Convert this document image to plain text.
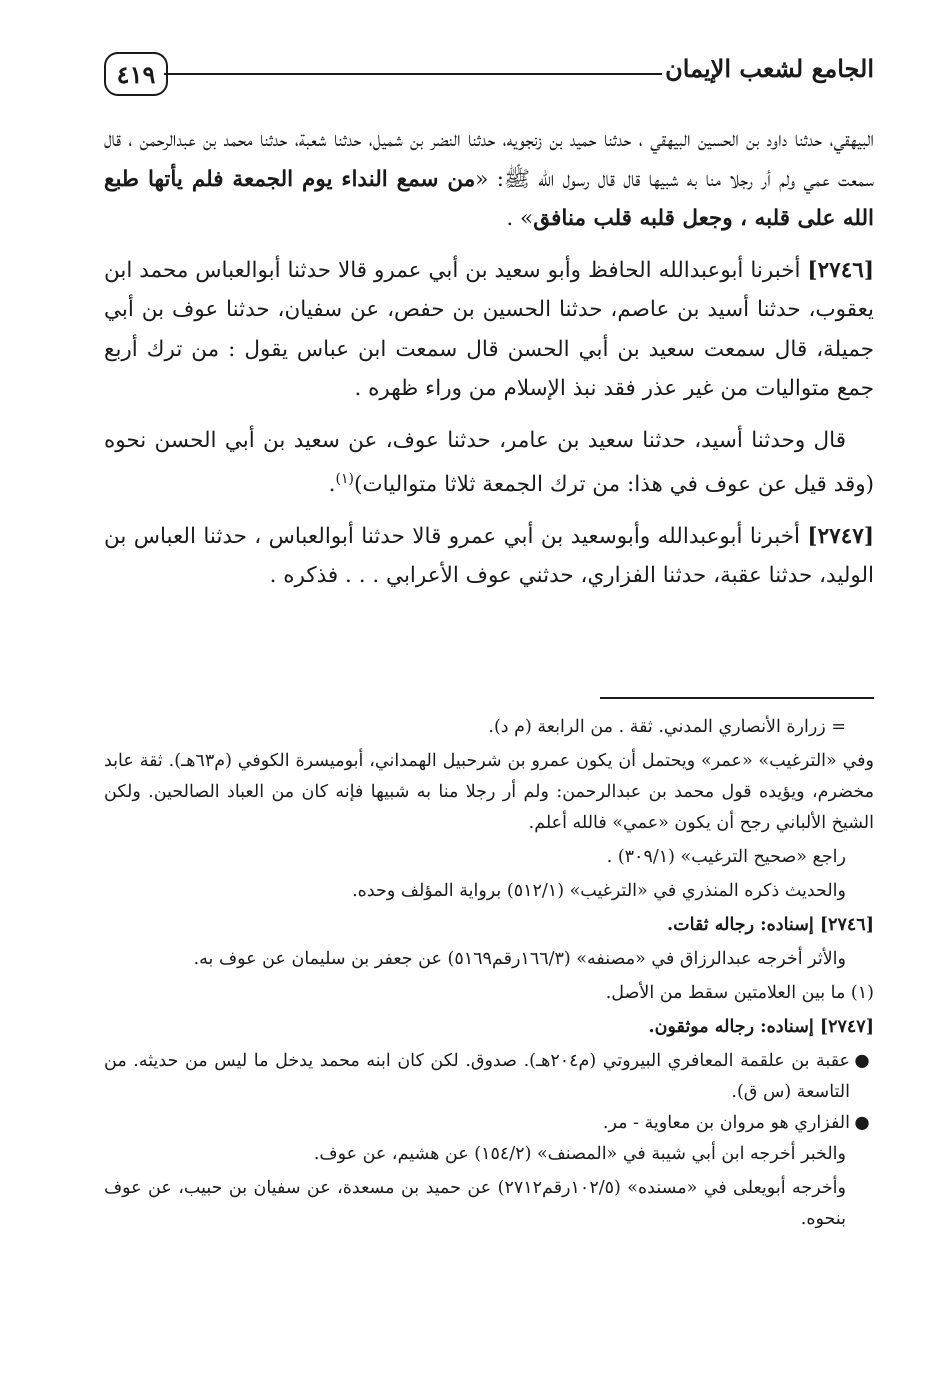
٤١٩	الجامع لشعب الإيمان

البيهقي، حدثنا داود بن الحسين البيهقي ، حدثنا حميد بن زنجويه، حدثنا النضر بن شميل، حدثنا شعبة، حدثنا محمد بن عبدالرحمن ، قال سمعت عمي ولم أر رجلا منا به شبيها قال قال رسول الله ﷺ: «من سمع النداء يوم الجمعة فلم يأتها طبع الله على قلبه ، وجعل قلبه قلب منافق» .

[٢٧٤٦] أخبرنا أبوعبدالله الحافظ وأبو سعيد بن أبي عمرو قالا حدثنا أبوالعباس محمد ابن يعقوب، حدثنا أسيد بن عاصم، حدثنا الحسين بن حفص، عن سفيان، حدثنا عوف بن أبي جميلة، قال سمعت سعيد بن أبي الحسن قال سمعت ابن عباس يقول : من ترك أربع جمع متواليات من غير عذر فقد نبذ الإسلام من وراء ظهره .

قال وحدثنا أسيد، حدثنا سعيد بن عامر، حدثنا عوف، عن سعيد بن أبي الحسن نحوه (وقد قيل عن عوف في هذا: من ترك الجمعة ثلاثا متواليات)$^{(١)}$.

[٢٧٤٧] أخبرنا أبوعبدالله وأبوسعيد بن أبي عمرو قالا حدثنا أبوالعباس ، حدثنا العباس بن الوليد، حدثنا عقبة، حدثنا الفزاري، حدثني عوف الأعرابي . . . فذكره .

= زرارة الأنصاري المدني. ثقة . من الرابعة (م د).

وفي «الترغيب» «عمر» ويحتمل أن يكون عمرو بن شرحبيل الهمداني، أبوميسرة الكوفي (م٦٣هـ). ثقة عابد مخضرم، ويؤيده قول محمد بن عبدالرحمن: ولم أر رجلا منا به شبيها فإنه كان من العباد الصالحين. ولكن الشيخ الألباني رجح أن يكون «عمي» فالله أعلم.

راجع «صحيح الترغيب» (٣٠٩/١) .

والحديث ذكره المنذري في «الترغيب» (٥١٢/١) برواية المؤلف وحده.

[٢٧٤٦] إسناده: رجاله ثقات.

والأثر أخرجه عبدالرزاق في «مصنفه» (١٦٦/٣رقم٥١٦٩) عن جعفر بن سليمان عن عوف به.

(١) ما بين العلامتين سقط من الأصل.

[٢٧٤٧] إسناده: رجاله موثقون.

●
عقبة بن علقمة المعافري البيروتي (م٢٠٤هـ). صدوق. لكن كان ابنه محمد يدخل ما ليس من حديثه. من التاسعة (س ق).
●
الفزاري هو مروان بن معاوية - مر.

والخبر أخرجه ابن أبي شيبة في «المصنف» (١٥٤/٢) عن هشيم، عن عوف.

وأخرجه أبويعلى في «مسنده» (١٠٢/٥رقم٢٧١٢) عن حميد بن مسعدة، عن سفيان بن حبيب، عن عوف بنحوه.
